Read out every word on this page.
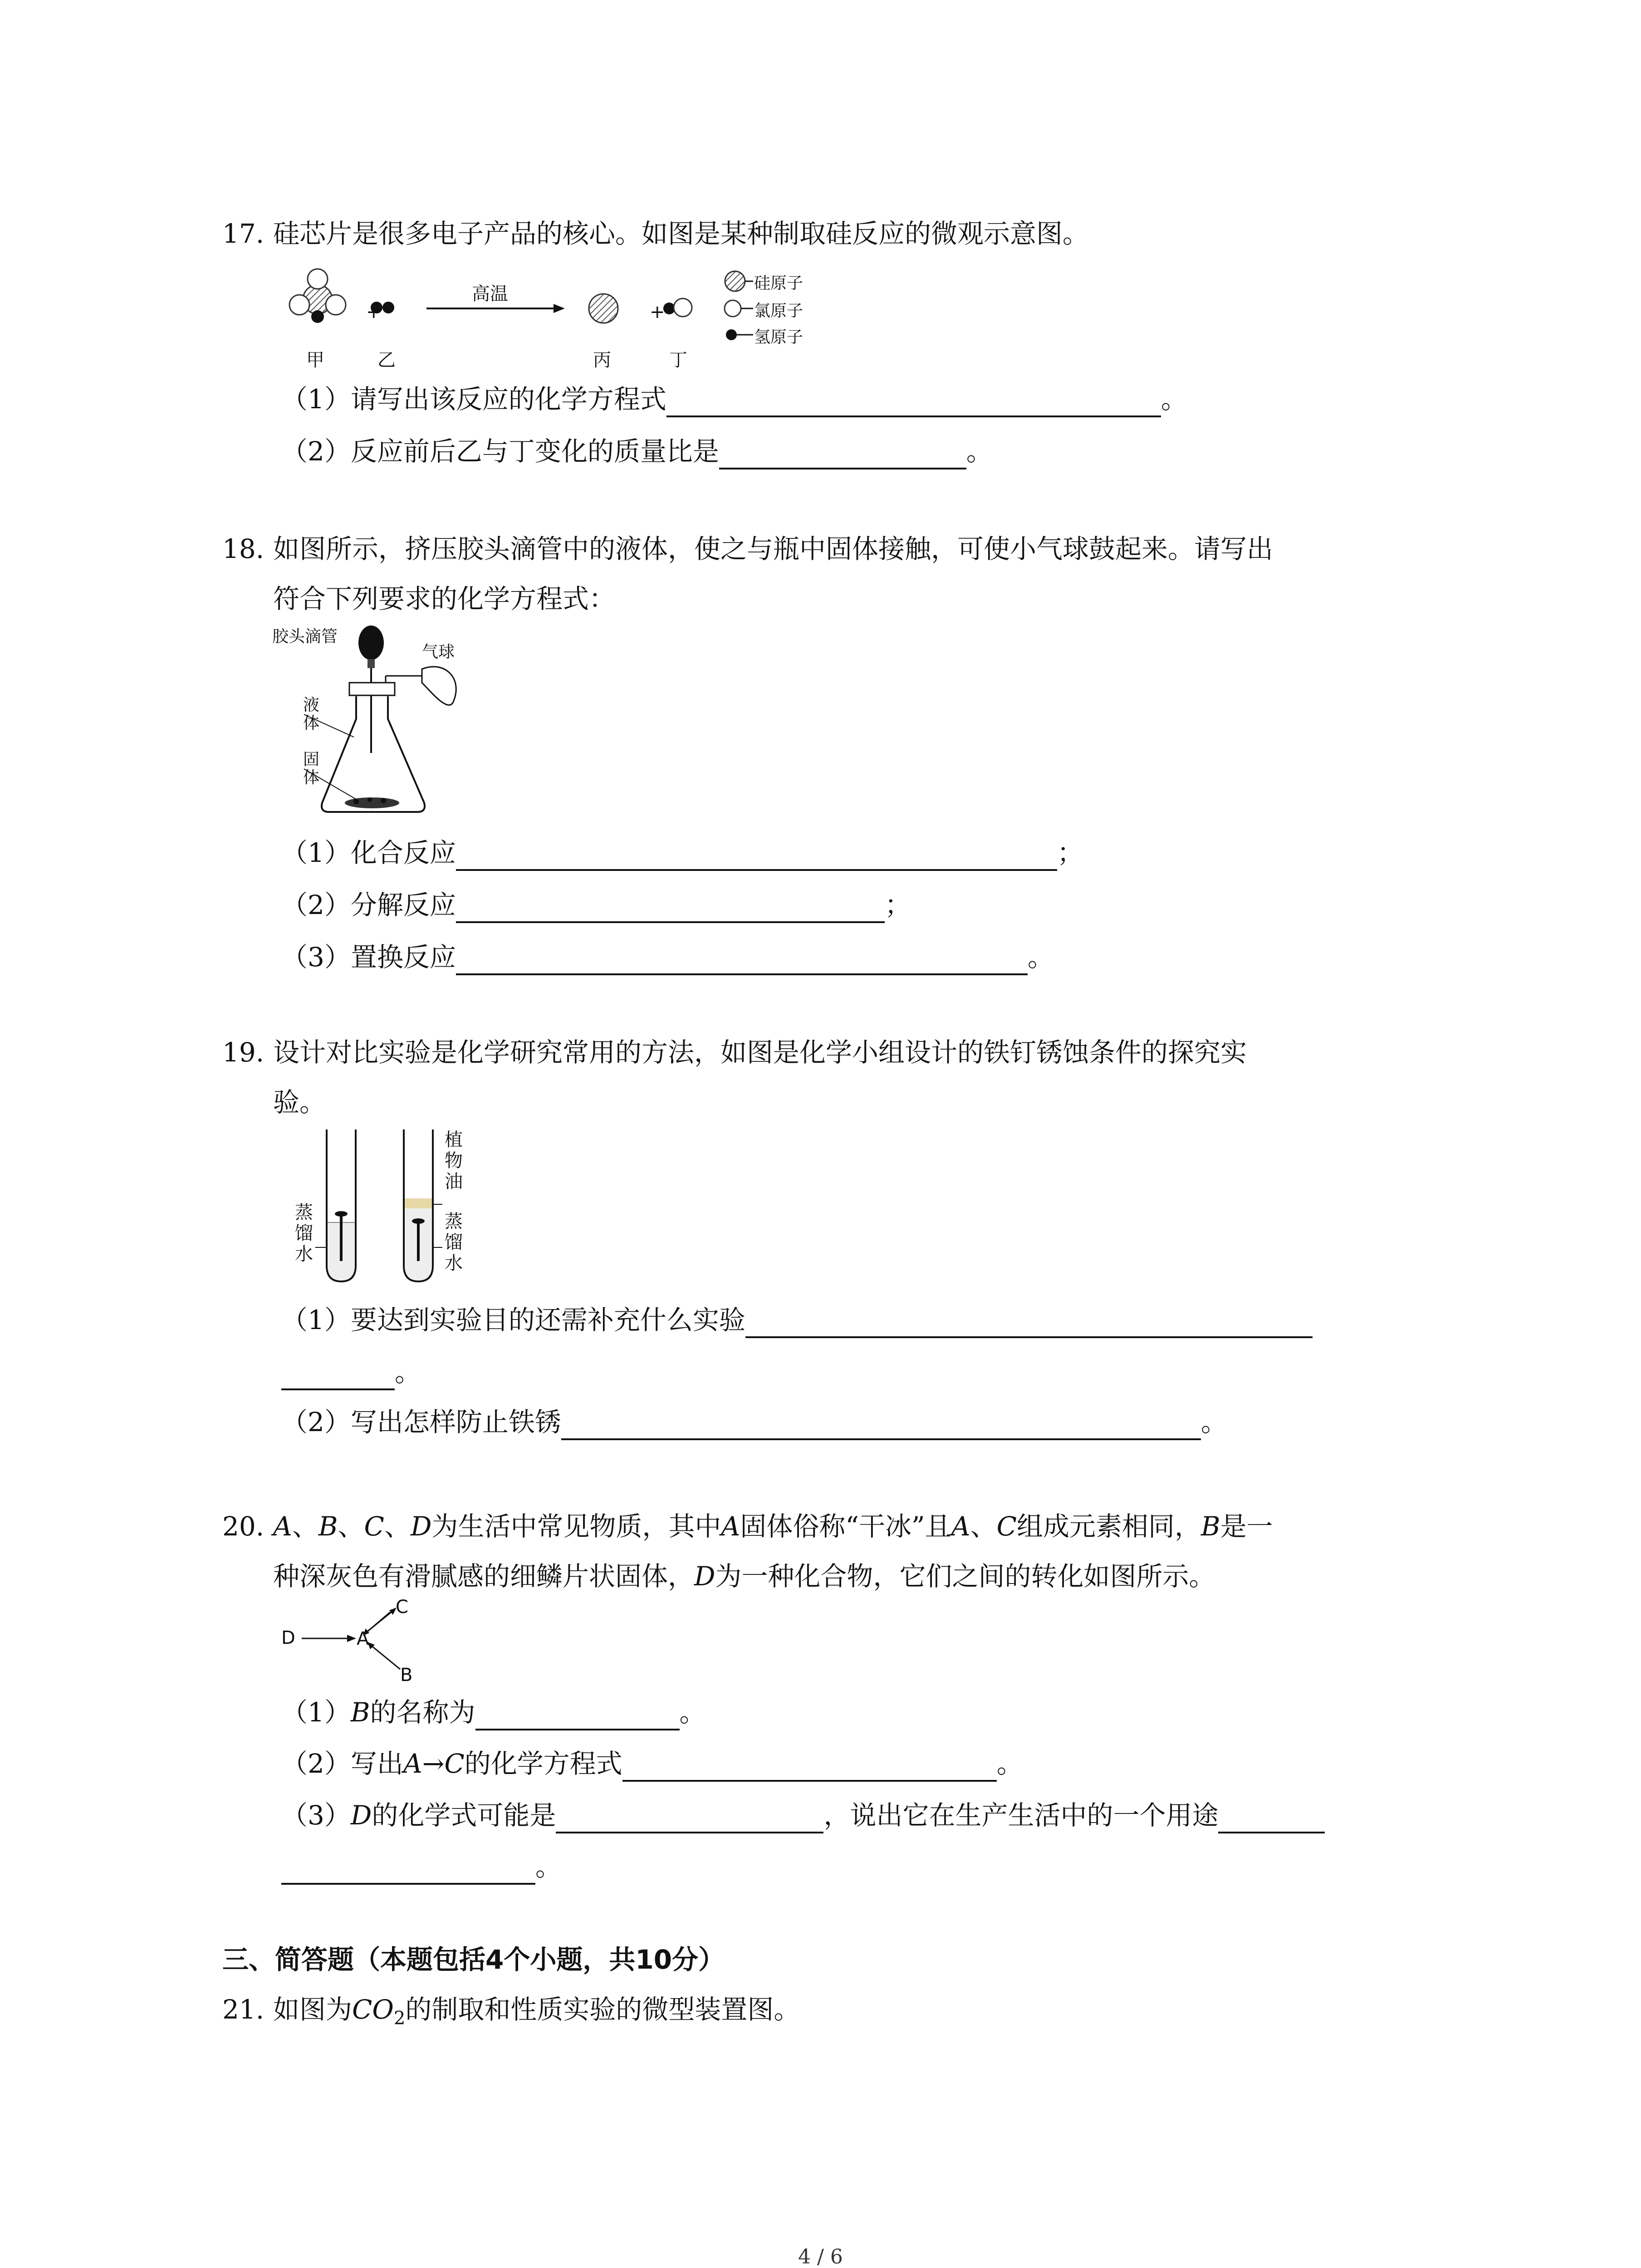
17. 硅芯片是很多电子产品的核心。如图是某种制取硅反应的微观示意图。
+	+
高温
甲	乙	丙	丁
硅原子
氯原子
氢原子
（1）请写出该反应的化学方程式	。
（2）反应前后乙与丁变化的质量比是	。
18. 如图所示，挤压胶头滴管中的液体，使之与瓶中固体接触，可使小气球鼓起来。请写出
符合下列要求的化学方程式：
胶头滴管
气球
液体
固体
（1）化合反应	；
（2）分解反应	；
（3）置换反应	。
19. 设计对比实验是化学研究常用的方法，如图是化学小组设计的铁钉锈蚀条件的探究实
验。
蒸馏水
植物油
蒸馏水
（1）要达到实验目的还需补充什么实验
。
（2）写出怎样防止铁锈	。
20. A、B、C、D为生活中常见物质，其中A固体俗称“干冰”且A、C组成元素相同，B是一
种深灰色有滑腻感的细鳞片状固体，D为一种化合物，它们之间的转化如图所示。
D	A
C
B
（1）B的名称为	。
（2）写出A→C的化学方程式	。
（3）D的化学式可能是	，说出它在生产生活中的一个用途
。
三、简答题（本题包括4个小题，共10分）
21. 如图为$CO_2$的制取和性质实验的微型装置图。
4 / 6
